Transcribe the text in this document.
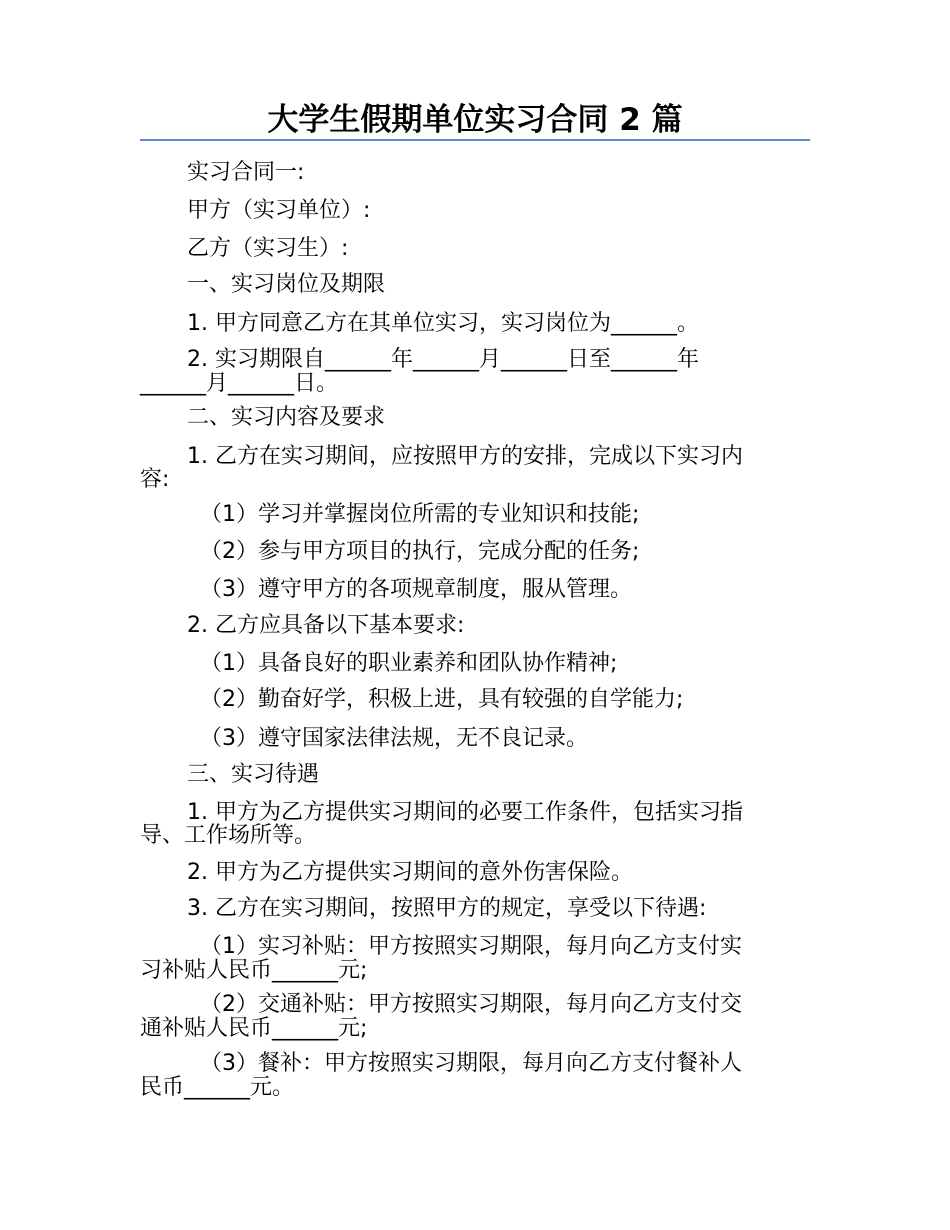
大学生假期单位实习合同 2 篇
实习合同一:
甲方（实习单位）:
乙方（实习生）:
一、实习岗位及期限
1. 甲方同意乙方在其单位实习，实习岗位为______。
2. 实习期限自______年______月______日至______年
______月______日。
二、实习内容及要求
1. 乙方在实习期间，应按照甲方的安排，完成以下实习内
容:
（1）学习并掌握岗位所需的专业知识和技能;
（2）参与甲方项目的执行，完成分配的任务;
（3）遵守甲方的各项规章制度，服从管理。
2. 乙方应具备以下基本要求:
（1）具备良好的职业素养和团队协作精神;
（2）勤奋好学，积极上进，具有较强的自学能力;
（3）遵守国家法律法规，无不良记录。
三、实习待遇
1. 甲方为乙方提供实习期间的必要工作条件，包括实习指
导、工作场所等。
2. 甲方为乙方提供实习期间的意外伤害保险。
3. 乙方在实习期间，按照甲方的规定，享受以下待遇:
（1）实习补贴：甲方按照实习期限，每月向乙方支付实
习补贴人民币______元;
（2）交通补贴：甲方按照实习期限，每月向乙方支付交
通补贴人民币______元;
（3）餐补：甲方按照实习期限，每月向乙方支付餐补人
民币______元。
